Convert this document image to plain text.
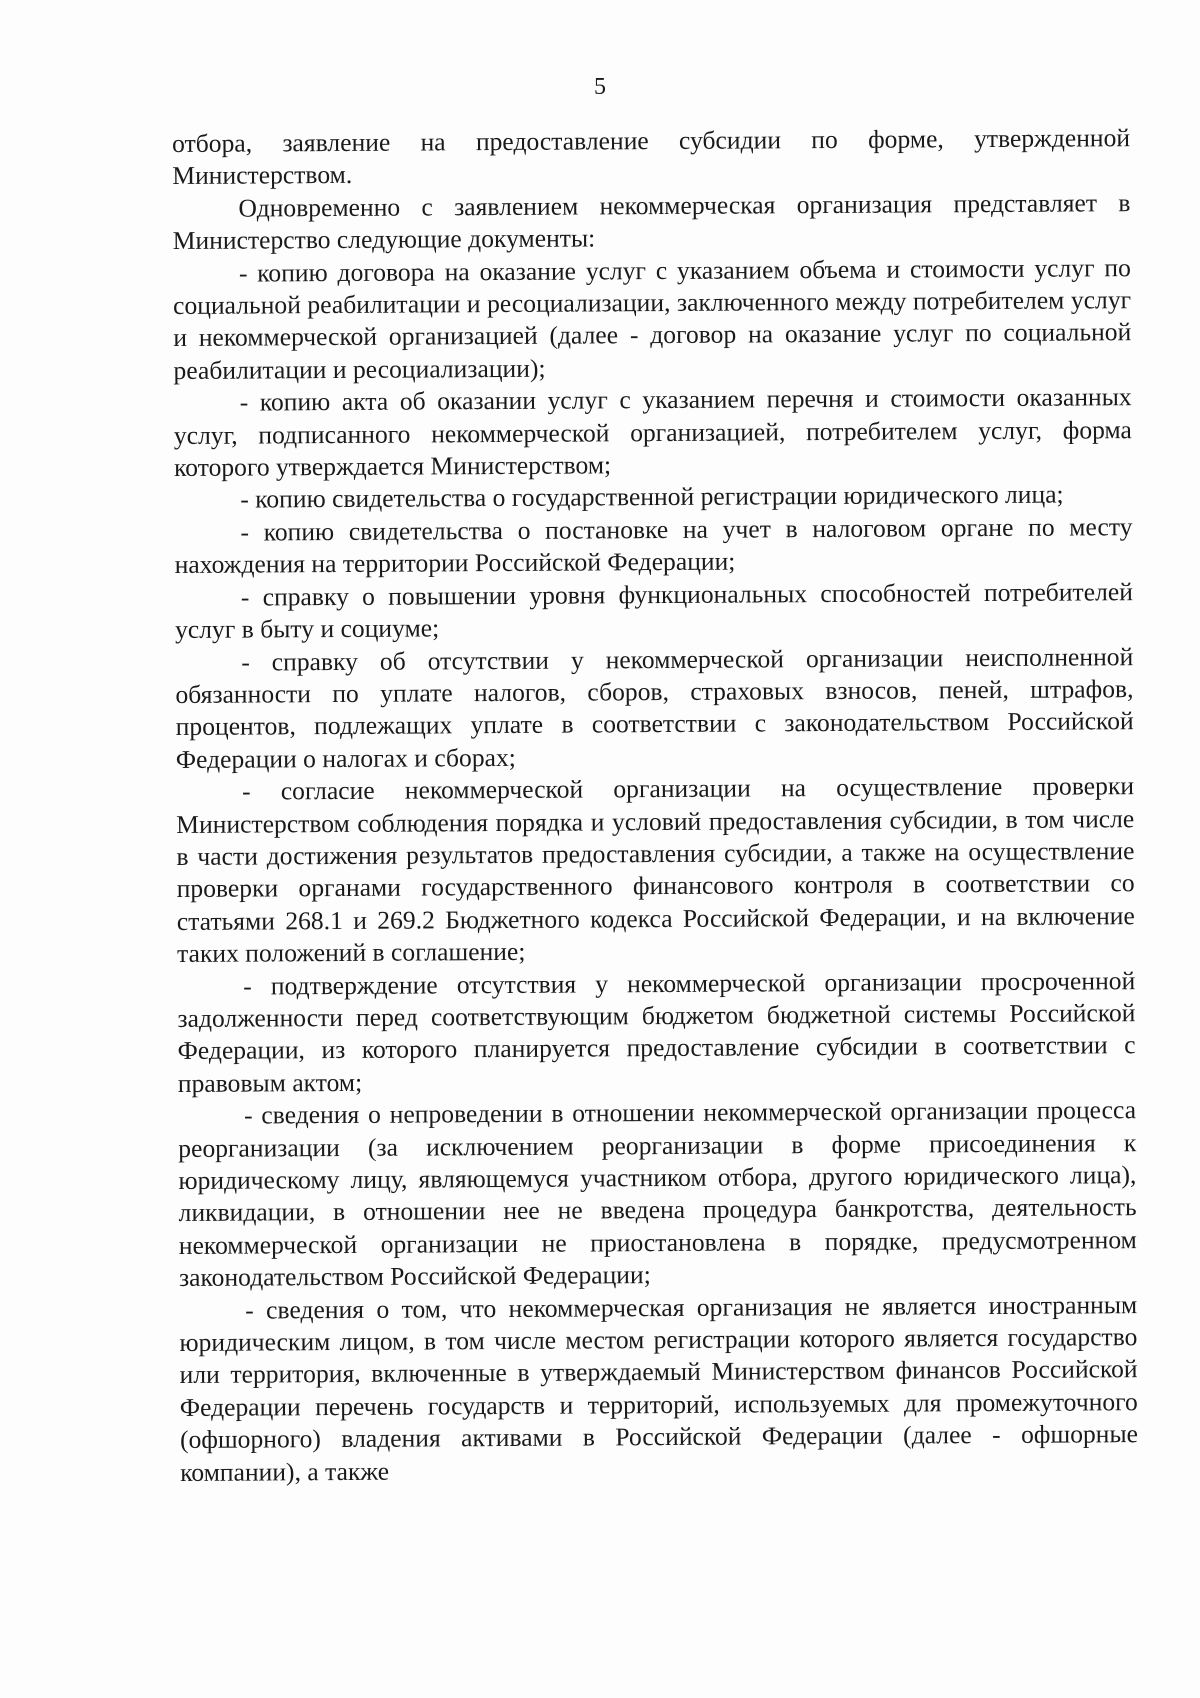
5

отбора, заявление на предоставление субсидии по форме, утвержденной Министерством.

Одновременно с заявлением некоммерческая организация представляет в Министерство следующие документы:

- копию договора на оказание услуг с указанием объема и стоимости услуг по социальной реабилитации и ресоциализации, заключенного между потребителем услуг и некоммерческой организацией (далее - договор на оказание услуг по социальной реабилитации и ресоциализации);

- копию акта об оказании услуг с указанием перечня и стоимости оказанных услуг, подписанного некоммерческой организацией, потребителем услуг, форма которого утверждается Министерством;

- копию свидетельства о государственной регистрации юридического лица;

- копию свидетельства о постановке на учет в налоговом органе по месту нахождения на территории Российской Федерации;

- справку о повышении уровня функциональных способностей потребителей услуг в быту и социуме;

- справку об отсутствии у некоммерческой организации неисполненной обязанности по уплате налогов, сборов, страховых взносов, пеней, штрафов, процентов, подлежащих уплате в соответствии с законодательством Российской Федерации о налогах и сборах;

- согласие некоммерческой организации на осуществление проверки Министерством соблюдения порядка и условий предоставления субсидии, в том числе в части достижения результатов предоставления субсидии, а также на осуществление проверки органами государственного финансового контроля в соответствии со статьями 268.1 и 269.2 Бюджетного кодекса Российской Федерации, и на включение таких положений в соглашение;

- подтверждение отсутствия у некоммерческой организации просроченной задолженности перед соответствующим бюджетом бюджетной системы Российской Федерации, из которого планируется предоставление субсидии в соответствии с правовым актом;

- сведения о непроведении в отношении некоммерческой организации процесса реорганизации (за исключением реорганизации в форме присоединения к юридическому лицу, являющемуся участником отбора, другого юридического лица), ликвидации, в отношении нее не введена процедура банкротства, деятельность некоммерческой организации не приостановлена в порядке, предусмотренном законодательством Российской Федерации;

- сведения о том, что некоммерческая организация не является иностранным юридическим лицом, в том числе местом регистрации которого является государство или территория, включенные в утверждаемый Министерством финансов Российской Федерации перечень государств и территорий, используемых для промежуточного (офшорного) владения активами в Российской Федерации (далее - офшорные компании), а также
